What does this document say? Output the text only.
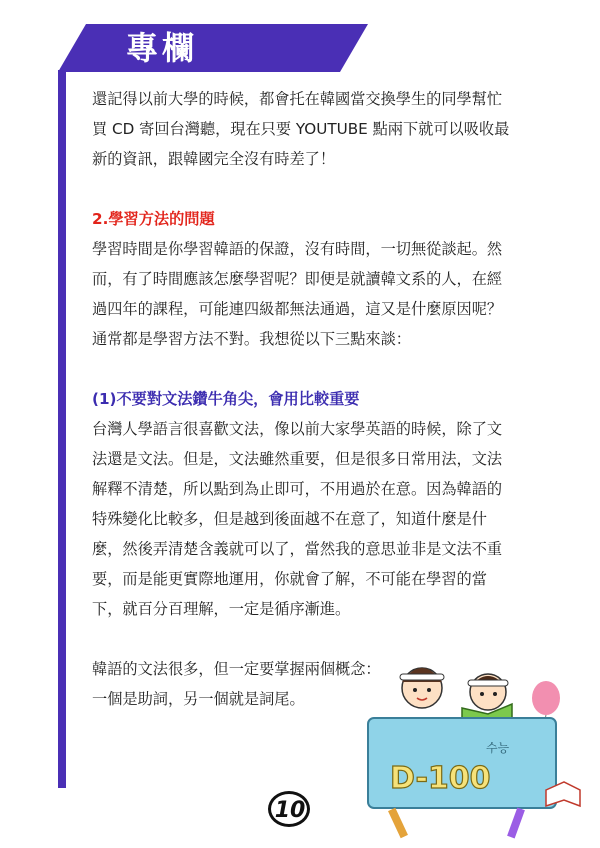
專欄

還記得以前大學的時候，都會托在韓國當交換學生的同學幫忙
買 CD 寄回台灣聽，現在只要 YOUTUBE 點兩下就可以吸收最
新的資訊，跟韓國完全沒有時差了！

2.學習方法的問題

學習時間是你學習韓語的保證，沒有時間，一切無從談起。然
而，有了時間應該怎麼學習呢？即便是就讀韓文系的人，在經
過四年的課程，可能連四級都無法通過，這又是什麼原因呢？
通常都是學習方法不對。我想從以下三點來談：

(1)不要對文法鑽牛角尖，會用比較重要

台灣人學語言很喜歡文法，像以前大家學英語的時候，除了文
法還是文法。但是，文法雖然重要，但是很多日常用法，文法
解釋不清楚，所以點到為止即可，不用過於在意。因為韓語的
特殊變化比較多，但是越到後面越不在意了，知道什麼是什
麼，然後弄清楚含義就可以了，當然我的意思並非是文法不重
要，而是能更實際地運用，你就會了解，不可能在學習的當
下，就百分百理解，一定是循序漸進。

韓語的文法很多，但一定要掌握兩個概念：
一個是助詞，另一個就是詞尾。

수능
D-100
10
